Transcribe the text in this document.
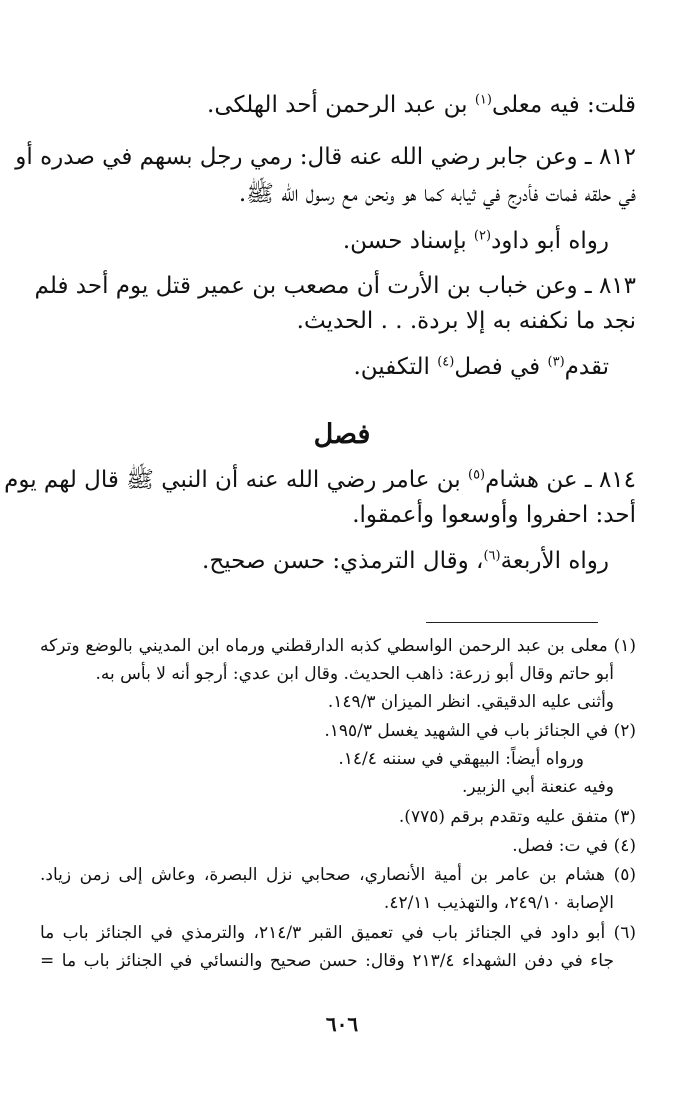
قلت: فيه معلى$^{(١)}$ بن عبد الرحمن أحد الهلكى.
٨١٢ ـ وعن جابر رضي الله عنه قال: رمي رجل بسهم في صدره أو
في حلقه فمات فأدرج في ثيابه كما هو ونحن مع رسول الله ﷺ.
رواه أبو داود$^{(٢)}$ بإسناد حسن.
٨١٣ ـ وعن خباب بن الأرت أن مصعب بن عمير قتل يوم أحد فلم
نجد ما نكفنه به إلا بردة. . . الحديث.
تقدم$^{(٣)}$ في فصل$^{(٤)}$ التكفين.
فصل
٨١٤ ـ عن هشام$^{(٥)}$ بن عامر رضي الله عنه أن النبي ﷺ قال لهم يوم
أحد: احفروا وأوسعوا وأعمقوا.
رواه الأربعة$^{(٦)}$، وقال الترمذي: حسن صحيح.
(١) معلى بن عبد الرحمن الواسطي كذبه الدارقطني ورماه ابن المديني بالوضع وتركه
أبو حاتم وقال أبو زرعة: ذاهب الحديث. وقال ابن عدي: أرجو أنه لا بأس به.
وأثنى عليه الدقيقي. انظر الميزان ١٤٩/٣.
(٢) في الجنائز باب في الشهيد يغسل ١٩٥/٣.
ورواه أيضاً: البيهقي في سننه ١٤/٤.
وفيه عنعنة أبي الزبير.
(٣) متفق عليه وتقدم برقم (٧٧٥).
(٤) في ت: فصل.
(٥) هشام بن عامر بن أمية الأنصاري، صحابي نزل البصرة، وعاش إلى زمن زياد.
الإصابة ٢٤٩/١٠، والتهذيب ٤٢/١١.
(٦) أبو داود في الجنائز باب في تعميق القبر ٢١٤/٣، والترمذي في الجنائز باب ما
جاء في دفن الشهداء ٢١٣/٤ وقال: حسن صحيح والنسائي في الجنائز باب ما =
٦٠٦
